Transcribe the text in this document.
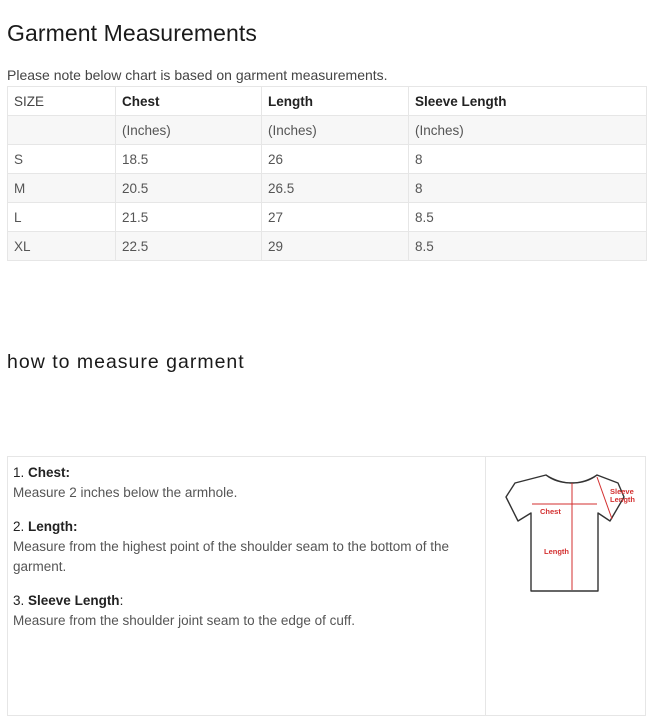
Garment Measurements
Please note below chart is based on garment measurements.
SIZE	Chest	Length	Sleeve Length
	(Inches)	(Inches)	(Inches)
S	18.5	26	8
M	20.5	26.5	8
L	21.5	27	8.5
XL	22.5	29	8.5
how to measure garment
1. Chest:
Measure 2 inches below the armhole.
2. Length:
Measure from the highest point of the shoulder seam to the bottom of the garment.
3. Sleeve Length:
Measure from the shoulder joint seam to the edge of cuff.
Chest
Length
Sleeve
Length
